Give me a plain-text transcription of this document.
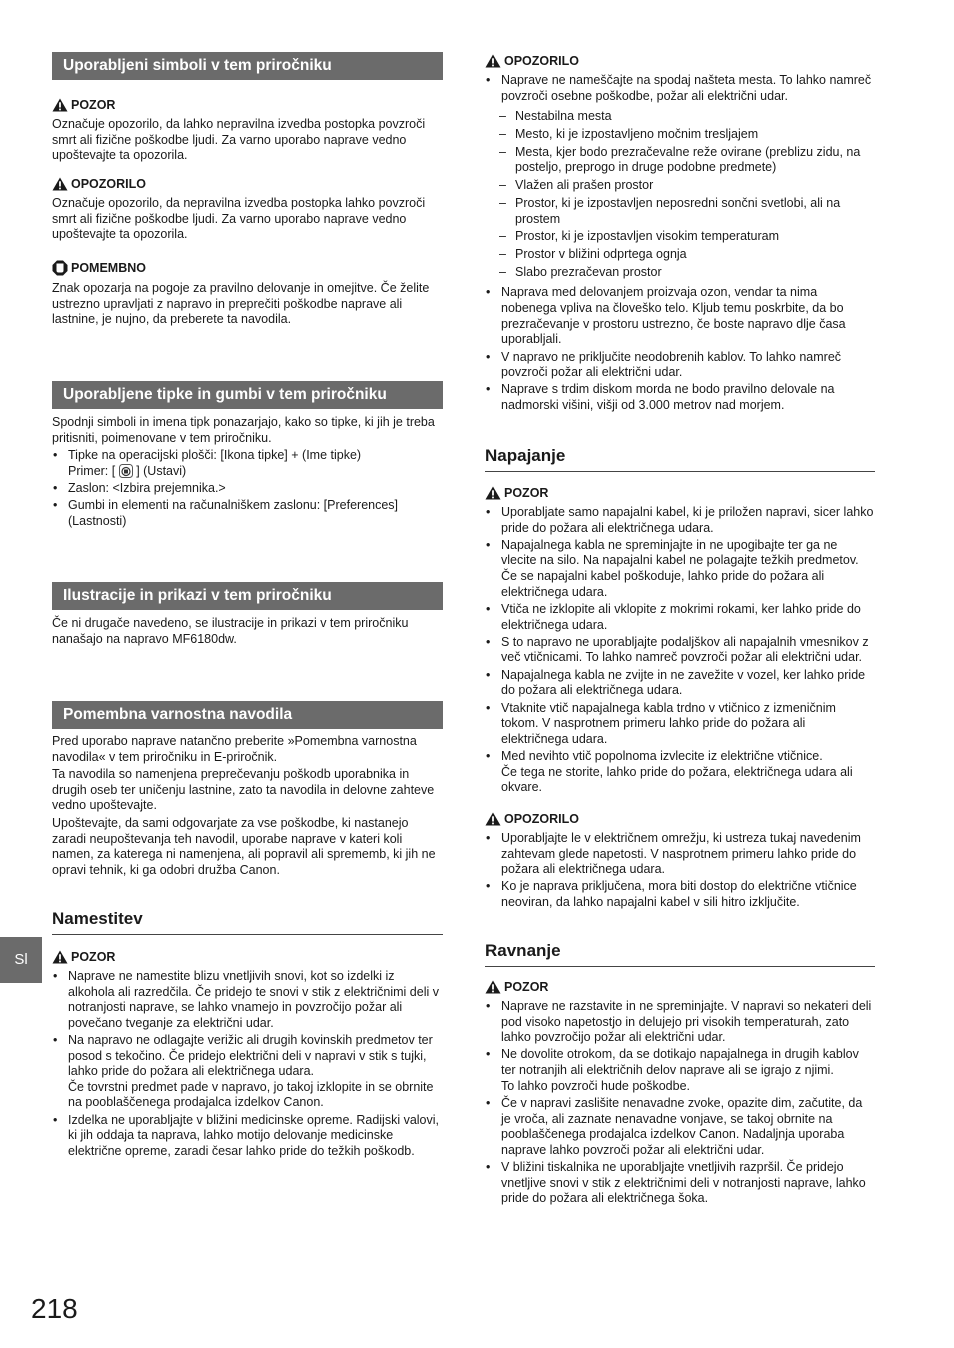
Uporabljeni simboli v tem priročniku
POZOR
Označuje opozorilo, da lahko nepravilna izvedba postopka povzroči smrt ali fizične poškodbe ljudi. Za varno uporabo naprave vedno upoštevajte ta opozorila.
OPOZORILO
Označuje opozorilo, da nepravilna izvedba postopka lahko povzroči smrt ali fizične poškodbe ljudi. Za varno uporabo naprave vedno upoštevajte ta opozorila.
POMEMBNO
Znak opozarja na pogoje za pravilno delovanje in omejitve. Če želite ustrezno upravljati z napravo in preprečiti poškodbe naprave ali lastnine, je nujno, da preberete ta navodila.
Uporabljene tipke in gumbi v tem priročniku

Spodnji simboli in imena tipk ponazarjajo, kako so tipke, ki jih je treba pritisniti, poimenovane v tem priročniku.

• Tipke na operacijski plošči: [Ikona tipke] + (Ime tipke)
Primer: [ ] (Ustavi)
• Zaslon: <Izbira prejemnika.>
• Gumbi in elementi na računalniškem zaslonu: [Preferences] (Lastnosti)
Ilustracije in prikazi v tem priročniku
Če ni drugače navedeno, se ilustracije in prikazi v tem priročniku nanašajo na napravo MF6180dw.
Pomembna varnostna navodila

Pred uporabo naprave natančno preberite »Pomembna varnostna navodila« v tem priročniku in E-priročnik.

Ta navodila so namenjena preprečevanju poškodb uporabnika in drugih oseb ter uničenju lastnine, zato ta navodila in delovne zahteve vedno upoštevajte.

Upoštevajte, da sami odgovarjate za vse poškodbe, ki nastanejo zaradi neupoštevanja teh navodil, uporabe naprave v kateri koli namen, za katerega ni namenjena, ali popravil ali sprememb, ki jih ne opravi tehnik, ki ga odobri družba Canon.

Namestitev
POZOR
• Naprave ne namestite blizu vnetljivih snovi, kot so izdelki iz alkohola ali razredčila. Če pridejo te snovi v stik z električnimi deli v notranjosti naprave, se lahko vnamejo in povzročijo požar ali povečano tveganje za električni udar.
• Na napravo ne odlagajte verižic ali drugih kovinskih predmetov ter posod s tekočino. Če pridejo električni deli v napravi v stik s tujki, lahko pride do požara ali električnega udara.
Če tovrstni predmet pade v napravo, jo takoj izklopite in se obrnite na pooblaščenega prodajalca izdelkov Canon.
• Izdelka ne uporabljajte v bližini medicinske opreme. Radijski valovi, ki jih oddaja ta naprava, lahko motijo delovanje medicinske električne opreme, zaradi česar lahko pride do težkih poškodb.
OPOZORILO
• Naprave ne nameščajte na spodaj našteta mesta. To lahko namreč povzroči osebne poškodbe, požar ali električni udar.
– Nestabilna mesta
– Mesto, ki je izpostavljeno močnim tresljajem
– Mesta, kjer bodo prezračevalne reže ovirane (preblizu zidu, na posteljo, preprogo in druge podobne predmete)
– Vlažen ali prašen prostor
– Prostor, ki je izpostavljen neposredni sončni svetlobi, ali na prostem
– Prostor, ki je izpostavljen visokim temperaturam
– Prostor v bližini odprtega ognja
– Slabo prezračevan prostor
• Naprava med delovanjem proizvaja ozon, vendar ta nima nobenega vpliva na človeško telo. Kljub temu poskrbite, da bo prezračevanje v prostoru ustrezno, če boste napravo dlje časa uporabljali.
• V napravo ne priključite neodobrenih kablov. To lahko namreč povzroči požar ali električni udar.
• Naprave s trdim diskom morda ne bodo pravilno delovale na nadmorski višini, višji od 3.000 metrov nad morjem.
Napajanje
POZOR
• Uporabljate samo napajalni kabel, ki je priložen napravi, sicer lahko pride do požara ali električnega udara.
• Napajalnega kabla ne spreminjajte in ne upogibajte ter ga ne vlecite na silo. Na napajalni kabel ne polagajte težkih predmetov. Če se napajalni kabel poškoduje, lahko pride do požara ali električnega udara.
• Vtiča ne izklopite ali vklopite z mokrimi rokami, ker lahko pride do električnega udara.
• S to napravo ne uporabljajte podaljškov ali napajalnih vmesnikov z več vtičnicami. To lahko namreč povzroči požar ali električni udar.
• Napajalnega kabla ne zvijte in ne zavežite v vozel, ker lahko pride do požara ali električnega udara.
• Vtaknite vtič napajalnega kabla trdno v vtičnico z izmeničnim tokom. V nasprotnem primeru lahko pride do požara ali električnega udara.
• Med nevihto vtič popolnoma izvlecite iz električne vtičnice.
Če tega ne storite, lahko pride do požara, električnega udara ali okvare.
OPOZORILO
• Uporabljajte le v električnem omrežju, ki ustreza tukaj navedenim zahtevam glede napetosti. V nasprotnem primeru lahko pride do požara ali električnega udara.
• Ko je naprava priključena, mora biti dostop do električne vtičnice neoviran, da lahko napajalni kabel v sili hitro izključite.
Ravnanje
POZOR
• Naprave ne razstavite in ne spreminjajte. V napravi so nekateri deli pod visoko napetostjo in delujejo pri visokih temperaturah, zato lahko povzročijo požar ali električni udar.
• Ne dovolite otrokom, da se dotikajo napajalnega in drugih kablov ter notranjih ali električnih delov naprave ali se igrajo z njimi.
To lahko povzroči hude poškodbe.
• Če v napravi zaslišite nenavadne zvoke, opazite dim, začutite, da je vroča, ali zaznate nenavadne vonjave, se takoj obrnite na pooblaščenega prodajalca izdelkov Canon. Nadaljnja uporaba naprave lahko povzroči požar ali električni udar.
• V bližini tiskalnika ne uporabljajte vnetljivih razpršil. Če pridejo vnetljive snovi v stik z električnimi deli v notranjosti naprave, lahko pride do požara ali električnega šoka.
Sl
218
